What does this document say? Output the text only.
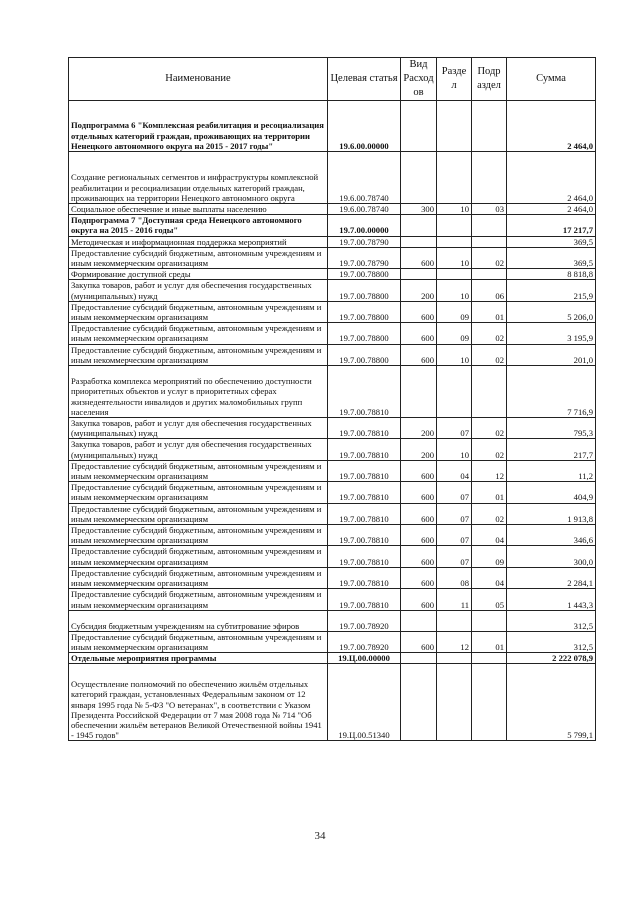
Наименование	Целевая статья	Вид Расход ов	Разде л	Подр аздел	Сумма
Подпрограмма 6 "Комплексная реабилитация и ресоциализация отдельных категорий граждан, проживающих на территории Ненецкого автономного округа на 2015 - 2017 годы"	19.6.00.00000				2 464,0
Создание региональных сегментов и инфраструктуры комплексной реабилитации и ресоциализации отдельных категорий граждан, проживающих на территории Ненецкого автономного округа	19.6.00.78740				2 464,0
Социальное обеспечение и иные выплаты населению	19.6.00.78740	300	10	03	2 464,0
Подпрограмма 7 "Доступная среда Ненецкого автономного округа на 2015 - 2016 годы"	19.7.00.00000				17 217,7
Методическая и информационная поддержка мероприятий	19.7.00.78790				369,5
Предоставление субсидий бюджетным, автономным учреждениям и иным некоммерческим организациям	19.7.00.78790	600	10	02	369,5
Формирование доступной среды	19.7.00.78800				8 818,8
Закупка товаров, работ и услуг для обеспечения государственных (муниципальных) нужд	19.7.00.78800	200	10	06	215,9
Предоставление субсидий бюджетным, автономным учреждениям и иным некоммерческим организациям	19.7.00.78800	600	09	01	5 206,0
Предоставление субсидий бюджетным, автономным учреждениям и иным некоммерческим организациям	19.7.00.78800	600	09	02	3 195,9
Предоставление субсидий бюджетным, автономным учреждениям и иным некоммерческим организациям	19.7.00.78800	600	10	02	201,0
Разработка комплекса мероприятий по обеспечению доступности приоритетных объектов и услуг в приоритетных сферах жизнедеятельности инвалидов и других маломобильных групп населения	19.7.00.78810				7 716,9
Закупка товаров, работ и услуг для обеспечения государственных (муниципальных) нужд	19.7.00.78810	200	07	02	795,3
Закупка товаров, работ и услуг для обеспечения государственных (муниципальных) нужд	19.7.00.78810	200	10	02	217,7
Предоставление субсидий бюджетным, автономным учреждениям и иным некоммерческим организациям	19.7.00.78810	600	04	12	11,2
Предоставление субсидий бюджетным, автономным учреждениям и иным некоммерческим организациям	19.7.00.78810	600	07	01	404,9
Предоставление субсидий бюджетным, автономным учреждениям и иным некоммерческим организациям	19.7.00.78810	600	07	02	1 913,8
Предоставление субсидий бюджетным, автономным учреждениям и иным некоммерческим организациям	19.7.00.78810	600	07	04	346,6
Предоставление субсидий бюджетным, автономным учреждениям и иным некоммерческим организациям	19.7.00.78810	600	07	09	300,0
Предоставление субсидий бюджетным, автономным учреждениям и иным некоммерческим организациям	19.7.00.78810	600	08	04	2 284,1
Предоставление субсидий бюджетным, автономным учреждениям и иным некоммерческим организациям	19.7.00.78810	600	11	05	1 443,3
Субсидия бюджетным учреждениям на субтитрование эфиров	19.7.00.78920				312,5
Предоставление субсидий бюджетным, автономным учреждениям и иным некоммерческим организациям	19.7.00.78920	600	12	01	312,5
Отдельные мероприятия программы	19.Ц.00.00000				2 222 078,9
Осуществление полномочий по обеспечению жильём отдельных категорий граждан, установленных Федеральным законом от 12 января 1995 года № 5-ФЗ "О ветеранах", в соответствии с Указом Президента Российской Федерации от 7 мая 2008 года № 714 "Об обеспечении жильём ветеранов Великой Отечественной войны 1941 - 1945 годов"	19.Ц.00.51340				5 799,1
34
